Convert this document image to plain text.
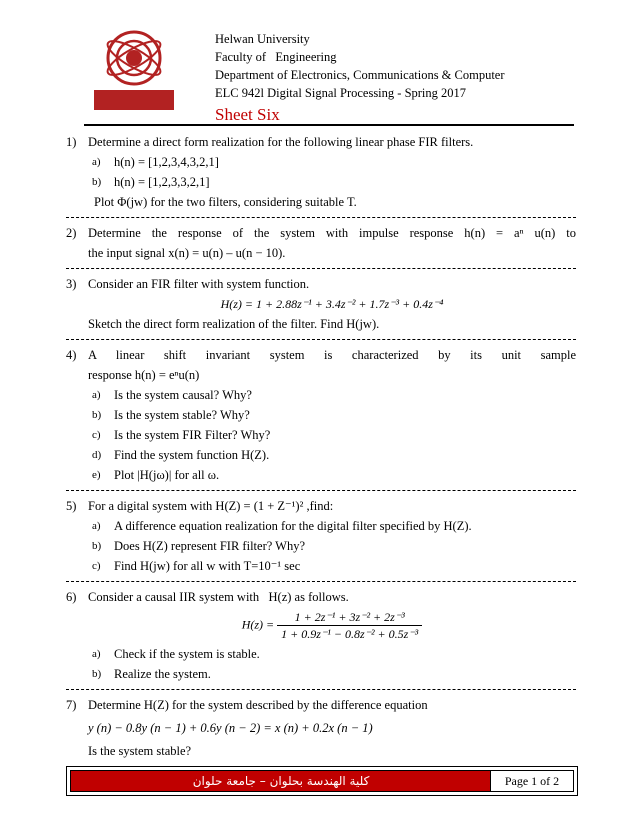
Helwan University
Faculty of   Engineering
Department of Electronics, Communications & Computer
ELC 942l Digital Signal Processing - Spring 2017
Sheet Six
1) Determine a direct form realization for the following linear phase FIR filters.
a) h(n) = [1,2,3,4,3,2,1]
b) h(n) = [1,2,3,3,2,1]
Plot Φ(jw) for the two filters, considering suitable T.
2) Determine the response of the system with impulse response h(n) = aⁿ u(n) to
the input signal x(n) = u(n) – u(n − 10).
3) Consider an FIR filter with system function.
H(z) = 1 + 2.88z⁻¹ + 3.4z⁻² + 1.7z⁻³ + 0.4z⁻⁴
Sketch the direct form realization of the filter. Find H(jw).
4) A linear shift invariant system is characterized by its unit sample
response h(n) = eⁿu(n)
a) Is the system causal? Why?
b) Is the system stable? Why?
c) Is the system FIR Filter? Why?
d) Find the system function H(Z).
e) Plot |H(jω)| for all ω.
5) For a digital system with H(Z) = (1 + Z⁻¹)² ,find:
a) A difference equation realization for the digital filter specified by H(Z).
b) Does H(Z) represent FIR filter? Why?
c) Find H(jw) for all w with T=10⁻¹ sec
6) Consider a causal IIR system with   H(z) as follows.
$H(z) = \frac{\text{1 + 2z⁻¹ + 3z⁻² + 2z⁻³}}{\text{1 + 0.9z⁻¹ − 0.8z⁻² + 0.5z⁻³}}$
a) Check if the system is stable.
b) Realize the system.
7) Determine H(Z) for the system described by the difference equation
y (n) − 0.8y (n − 1) + 0.6y (n − 2) = x (n) + 0.2x (n − 1)
Is the system stable?
كلية الهندسة بحلوان – جامعة حلوان	Page 1 of 2
